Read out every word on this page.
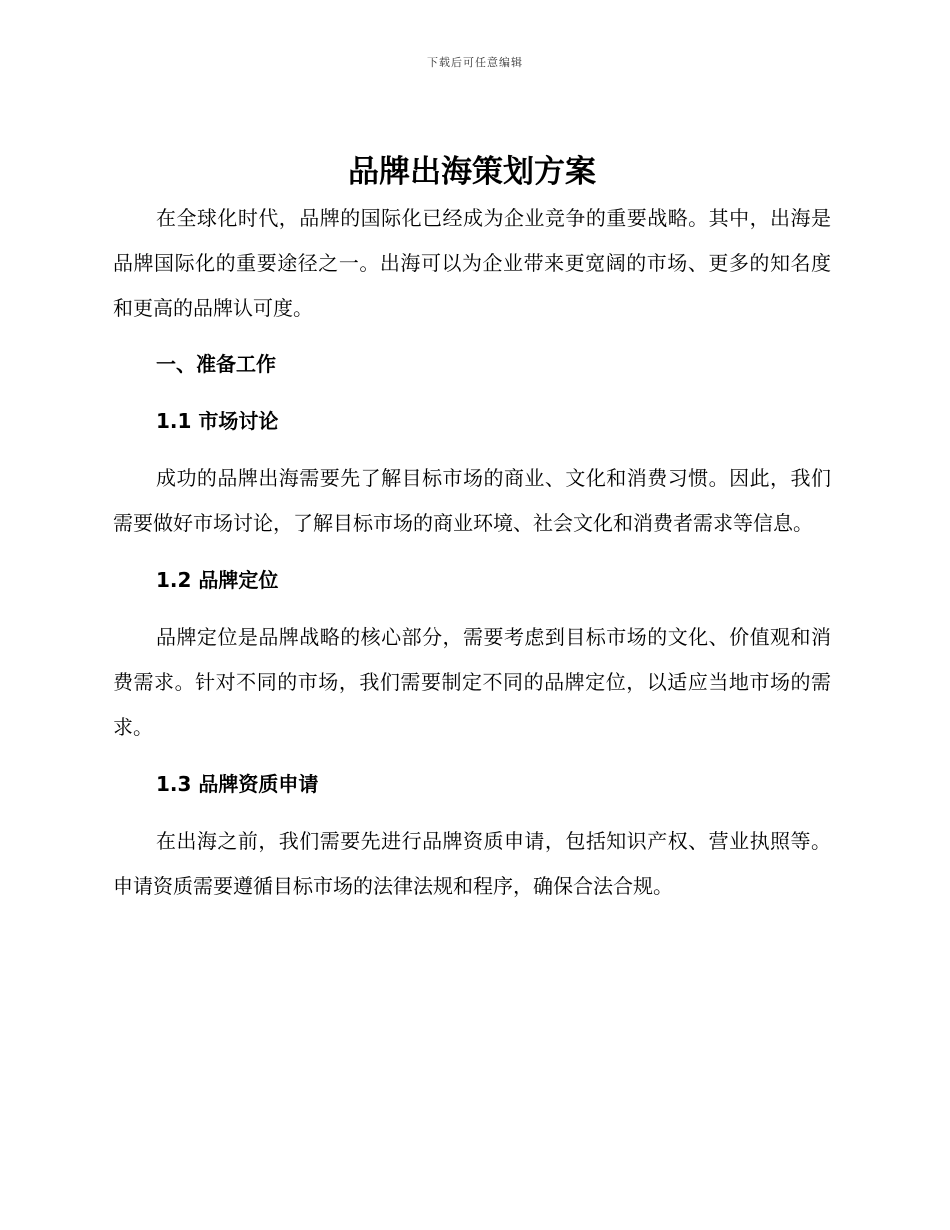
下载后可任意编辑
品牌出海策划方案

在全球化时代，品牌的国际化已经成为企业竞争的重要战略。其中，出海是品牌国际化的重要途径之一。出海可以为企业带来更宽阔的市场、更多的知名度和更高的品牌认可度。

一、准备工作
1.1 市场讨论

成功的品牌出海需要先了解目标市场的商业、文化和消费习惯。因此，我们需要做好市场讨论，了解目标市场的商业环境、社会文化和消费者需求等信息。

1.2 品牌定位

品牌定位是品牌战略的核心部分，需要考虑到目标市场的文化、价值观和消费需求。针对不同的市场，我们需要制定不同的品牌定位，以适应当地市场的需求。

1.3 品牌资质申请

在出海之前，我们需要先进行品牌资质申请，包括知识产权、营业执照等。申请资质需要遵循目标市场的法律法规和程序，确保合法合规。
